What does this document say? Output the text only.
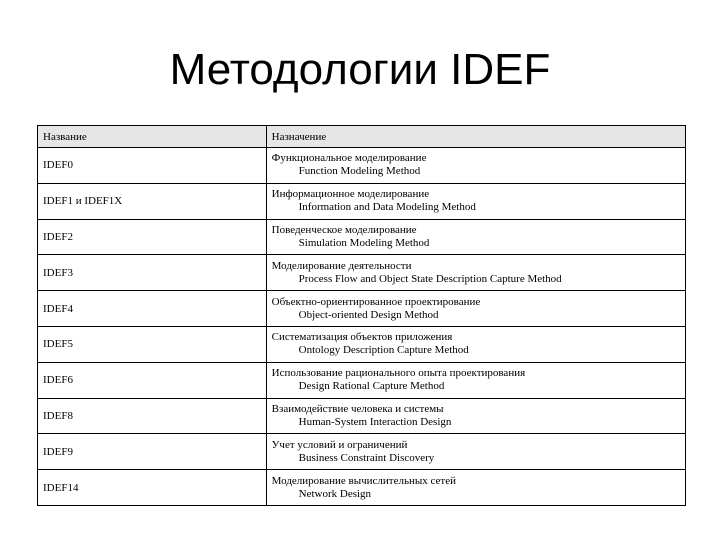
Методологии IDEF
Название	Назначение
IDEF0	Функциональное моделирование
Function Modeling Method

IDEF1 и IDEF1X	Информационное моделирование
Information and Data Modeling Method

IDEF2	Поведенческое моделирование
Simulation Modeling Method

IDEF3	Моделирование деятельности
Process Flow and Object State Description Capture Method

IDEF4	Объектно-ориентированное проектирование
Object-oriented Design Method

IDEF5	Систематизация объектов приложения
Ontology Description Capture Method

IDEF6	Использование рационального опыта проектирования
Design Rational Capture Method

IDEF8	Взаимодействие человека и системы
Human-System Interaction Design

IDEF9	Учет условий и ограничений
Business Constraint Discovery

IDEF14	Моделирование вычислительных сетей
Network Design
